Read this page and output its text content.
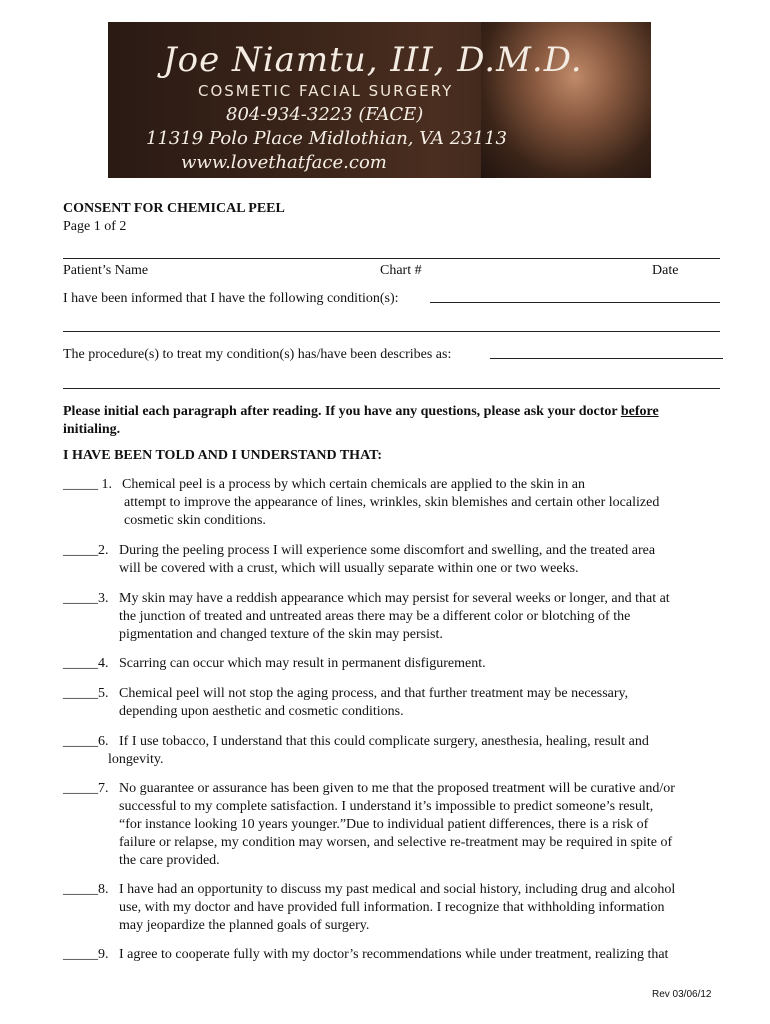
Joe Niamtu, III, D.M.D.
COSMETIC FACIAL SURGERY
804-934-3223 (FACE)
11319 Polo Place Midlothian, VA 23113
www.lovethatface.com
CONSENT FOR CHEMICAL PEEL
Page 1 of 2
Patient’s Name	Chart #	Date
I have been informed that I have the following condition(s):
The procedure(s) to treat my condition(s) has/have been describes as:
Please initial each paragraph after reading. If you have any questions, please ask your doctor before
initialing.
I HAVE BEEN TOLD AND I UNDERSTAND THAT:
_____ 1. Chemical peel is a process by which certain chemicals are applied to the skin in an
attempt to improve the appearance of lines, wrinkles, skin blemishes and certain other localized
cosmetic skin conditions.
_____2. During the peeling process I will experience some discomfort and swelling, and the treated area
will be covered with a crust, which will usually separate within one or two weeks.
_____3. My skin may have a reddish appearance which may persist for several weeks or longer, and that at
the junction of treated and untreated areas there may be a different color or blotching of the
pigmentation and changed texture of the skin may persist.
_____4. Scarring can occur which may result in permanent disfigurement.
_____5. Chemical peel will not stop the aging process, and that further treatment may be necessary,
depending upon aesthetic and cosmetic conditions.
_____6. If I use tobacco, I understand that this could complicate surgery, anesthesia, healing, result and
longevity.
_____7. No guarantee or assurance has been given to me that the proposed treatment will be curative and/or
successful to my complete satisfaction. I understand it’s impossible to predict someone’s result,
“for instance looking 10 years younger.”Due to individual patient differences, there is a risk of
failure or relapse, my condition may worsen, and selective re-treatment may be required in spite of
the care provided.
_____8. I have had an opportunity to discuss my past medical and social history, including drug and alcohol
use, with my doctor and have provided full information. I recognize that withholding information
may jeopardize the planned goals of surgery.
_____9. I agree to cooperate fully with my doctor’s recommendations while under treatment, realizing that
Rev 03/06/12
